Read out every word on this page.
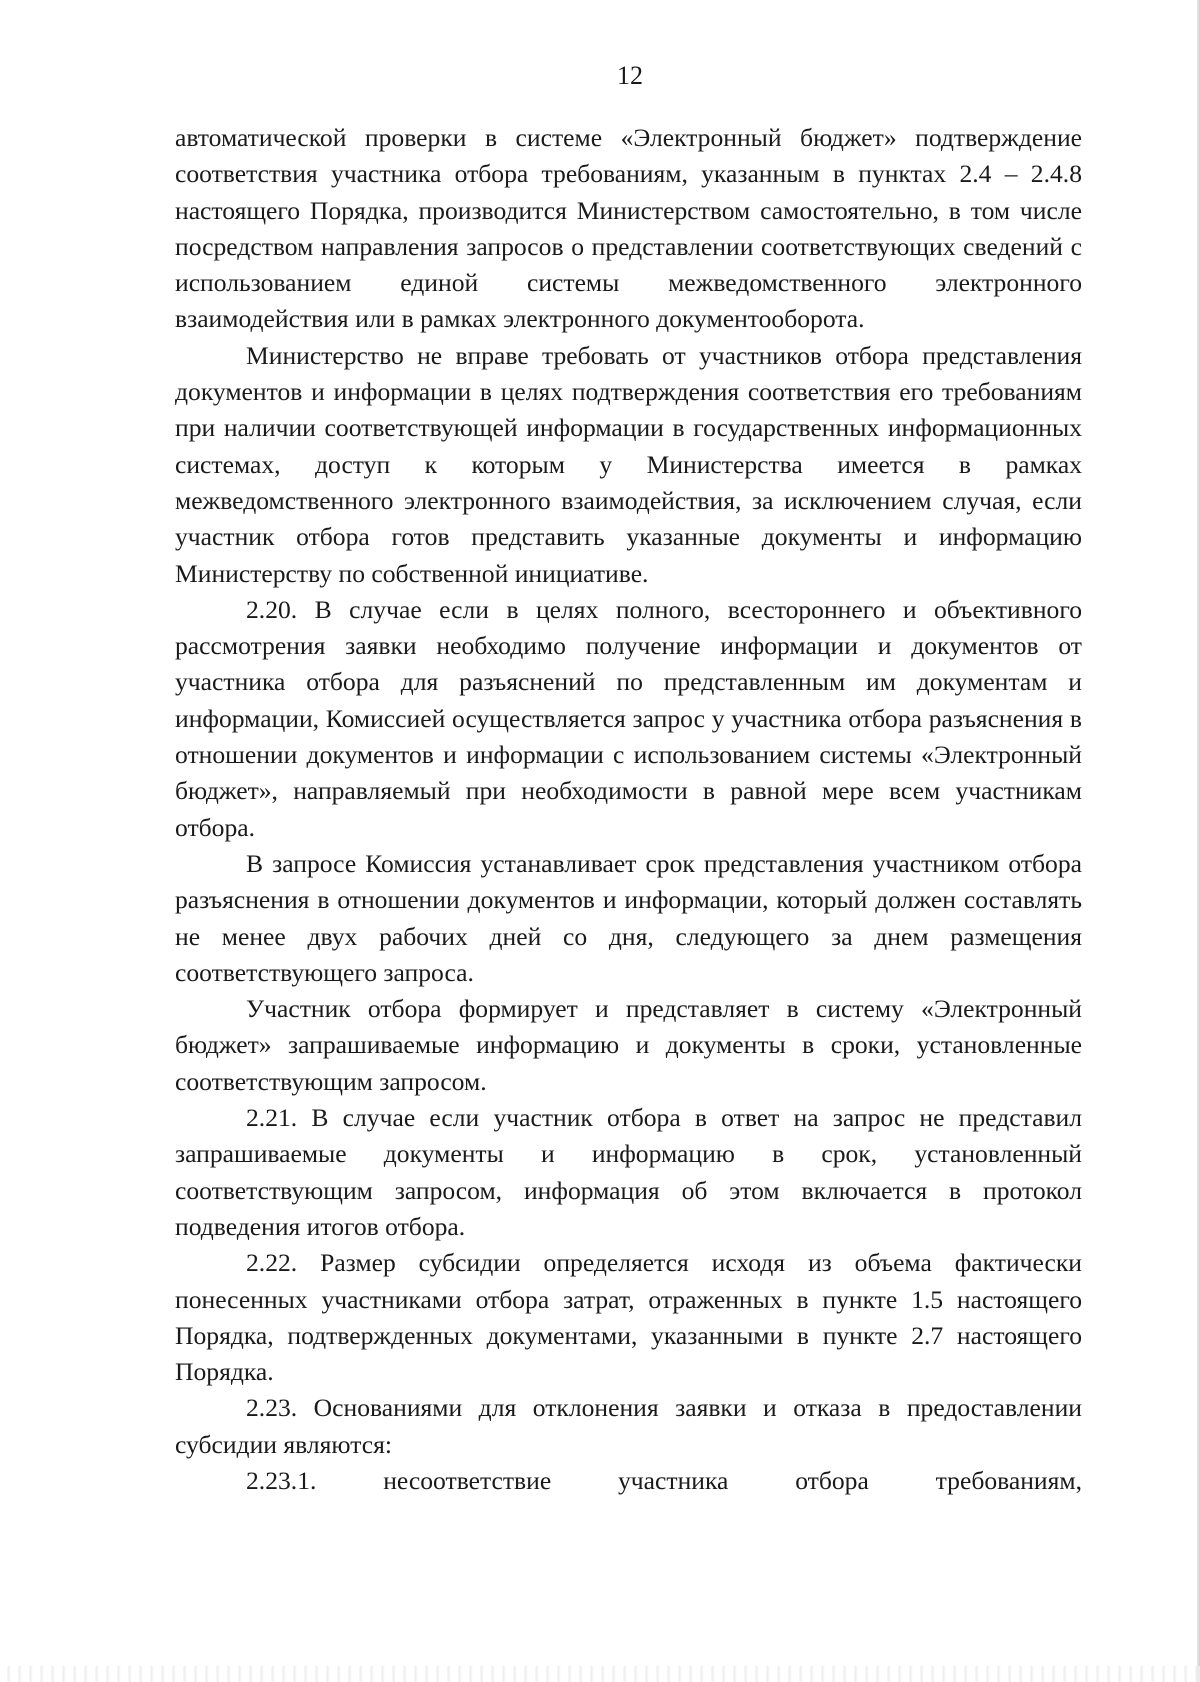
12

автоматической проверки в системе «Электронный бюджет» подтверждение соответствия участника отбора требованиям, указанным в пунктах 2.4 – 2.4.8 настоящего Порядка, производится Министерством самостоятельно, в том числе посредством направления запросов о представлении соответствующих сведений с использованием единой системы межведомственного электронного взаимодействия или в рамках электронного документооборота.

Министерство не вправе требовать от участников отбора представления документов и информации в целях подтверждения соответствия его требованиям при наличии соответствующей информации в государственных информационных системах, доступ к которым у Министерства имеется в рамках межведомственного электронного взаимодействия, за исключением случая, если участник отбора готов представить указанные документы и информацию Министерству по собственной инициативе.

2.20. В случае если в целях полного, всестороннего и объективного рассмотрения заявки необходимо получение информации и документов от участника отбора для разъяснений по представленным им документам и информации, Комиссией осуществляется запрос у участника отбора разъяснения в отношении документов и информации с использованием системы «Электронный бюджет», направляемый при необходимости в равной мере всем участникам отбора.

В запросе Комиссия устанавливает срок представления участником отбора разъяснения в отношении документов и информации, который должен составлять не менее двух рабочих дней со дня, следующего за днем размещения соответствующего запроса.

Участник отбора формирует и представляет в систему «Электронный бюджет» запрашиваемые информацию и документы в сроки, установленные соответствующим запросом.

2.21. В случае если участник отбора в ответ на запрос не представил запрашиваемые документы и информацию в срок, установленный соответствующим запросом, информация об этом включается в протокол подведения итогов отбора.

2.22. Размер субсидии определяется исходя из объема фактически понесенных участниками отбора затрат, отраженных в пункте 1.5 настоящего Порядка, подтвержденных документами, указанными в пункте 2.7 настоящего Порядка.

2.23. Основаниями для отклонения заявки и отказа в предоставлении субсидии являются:

2.23.1. несоответствие участника отбора требованиям,
